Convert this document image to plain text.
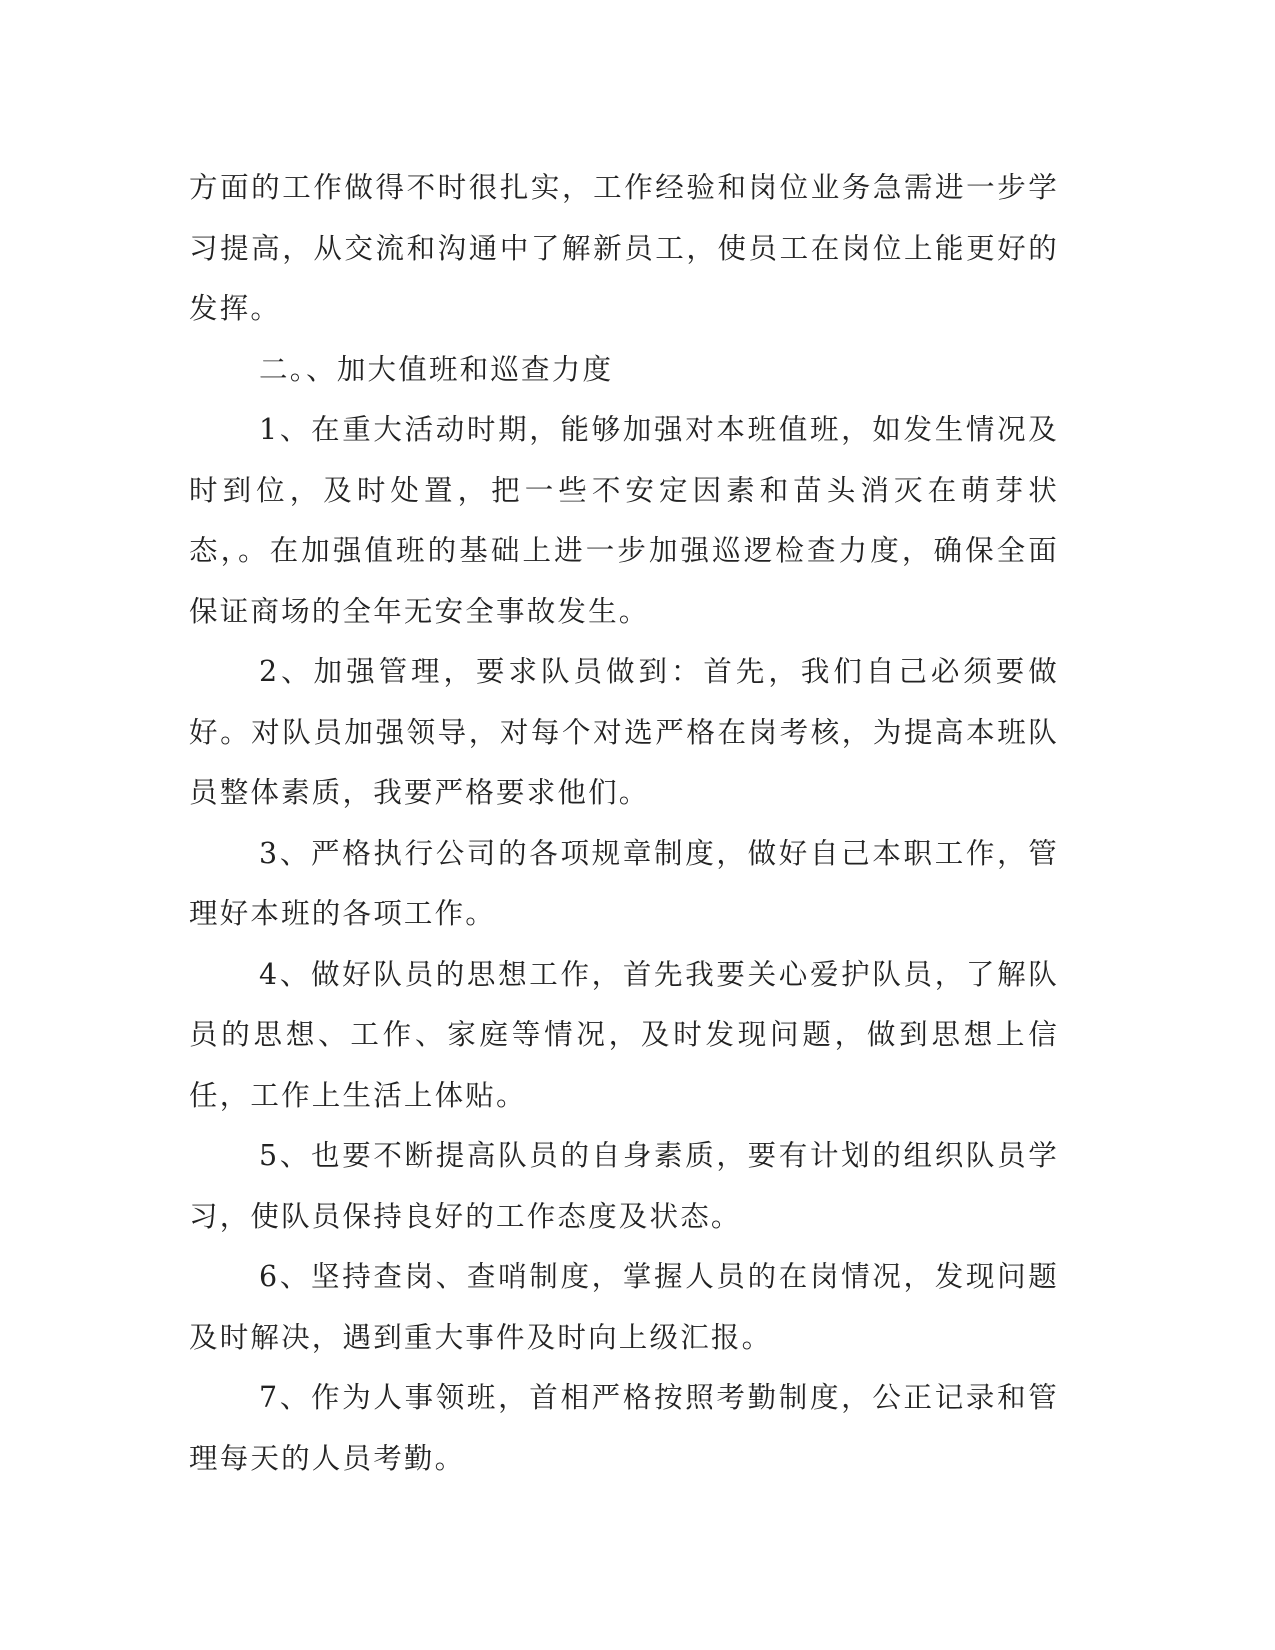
方面的工作做得不时很扎实，工作经验和岗位业务急需进一步学习提高，从交流和沟通中了解新员工，使员工在岗位上能更好的发挥。

二。、加大值班和巡查力度

1、在重大活动时期，能够加强对本班值班，如发生情况及时到位，及时处置，把一些不安定因素和苗头消灭在萌芽状态，。在加强值班的基础上进一步加强巡逻检查力度，确保全面保证商场的全年无安全事故发生。

2、加强管理，要求队员做到：首先，我们自己必须要做好。对队员加强领导，对每个对选严格在岗考核，为提高本班队员整体素质，我要严格要求他们。

3、严格执行公司的各项规章制度，做好自己本职工作，管理好本班的各项工作。

4、做好队员的思想工作，首先我要关心爱护队员，了解队员的思想、工作、家庭等情况，及时发现问题，做到思想上信任，工作上生活上体贴。

5、也要不断提高队员的自身素质，要有计划的组织队员学习，使队员保持良好的工作态度及状态。

6、坚持查岗、查哨制度，掌握人员的在岗情况，发现问题及时解决，遇到重大事件及时向上级汇报。

7、作为人事领班，首相严格按照考勤制度，公正记录和管理每天的人员考勤。
